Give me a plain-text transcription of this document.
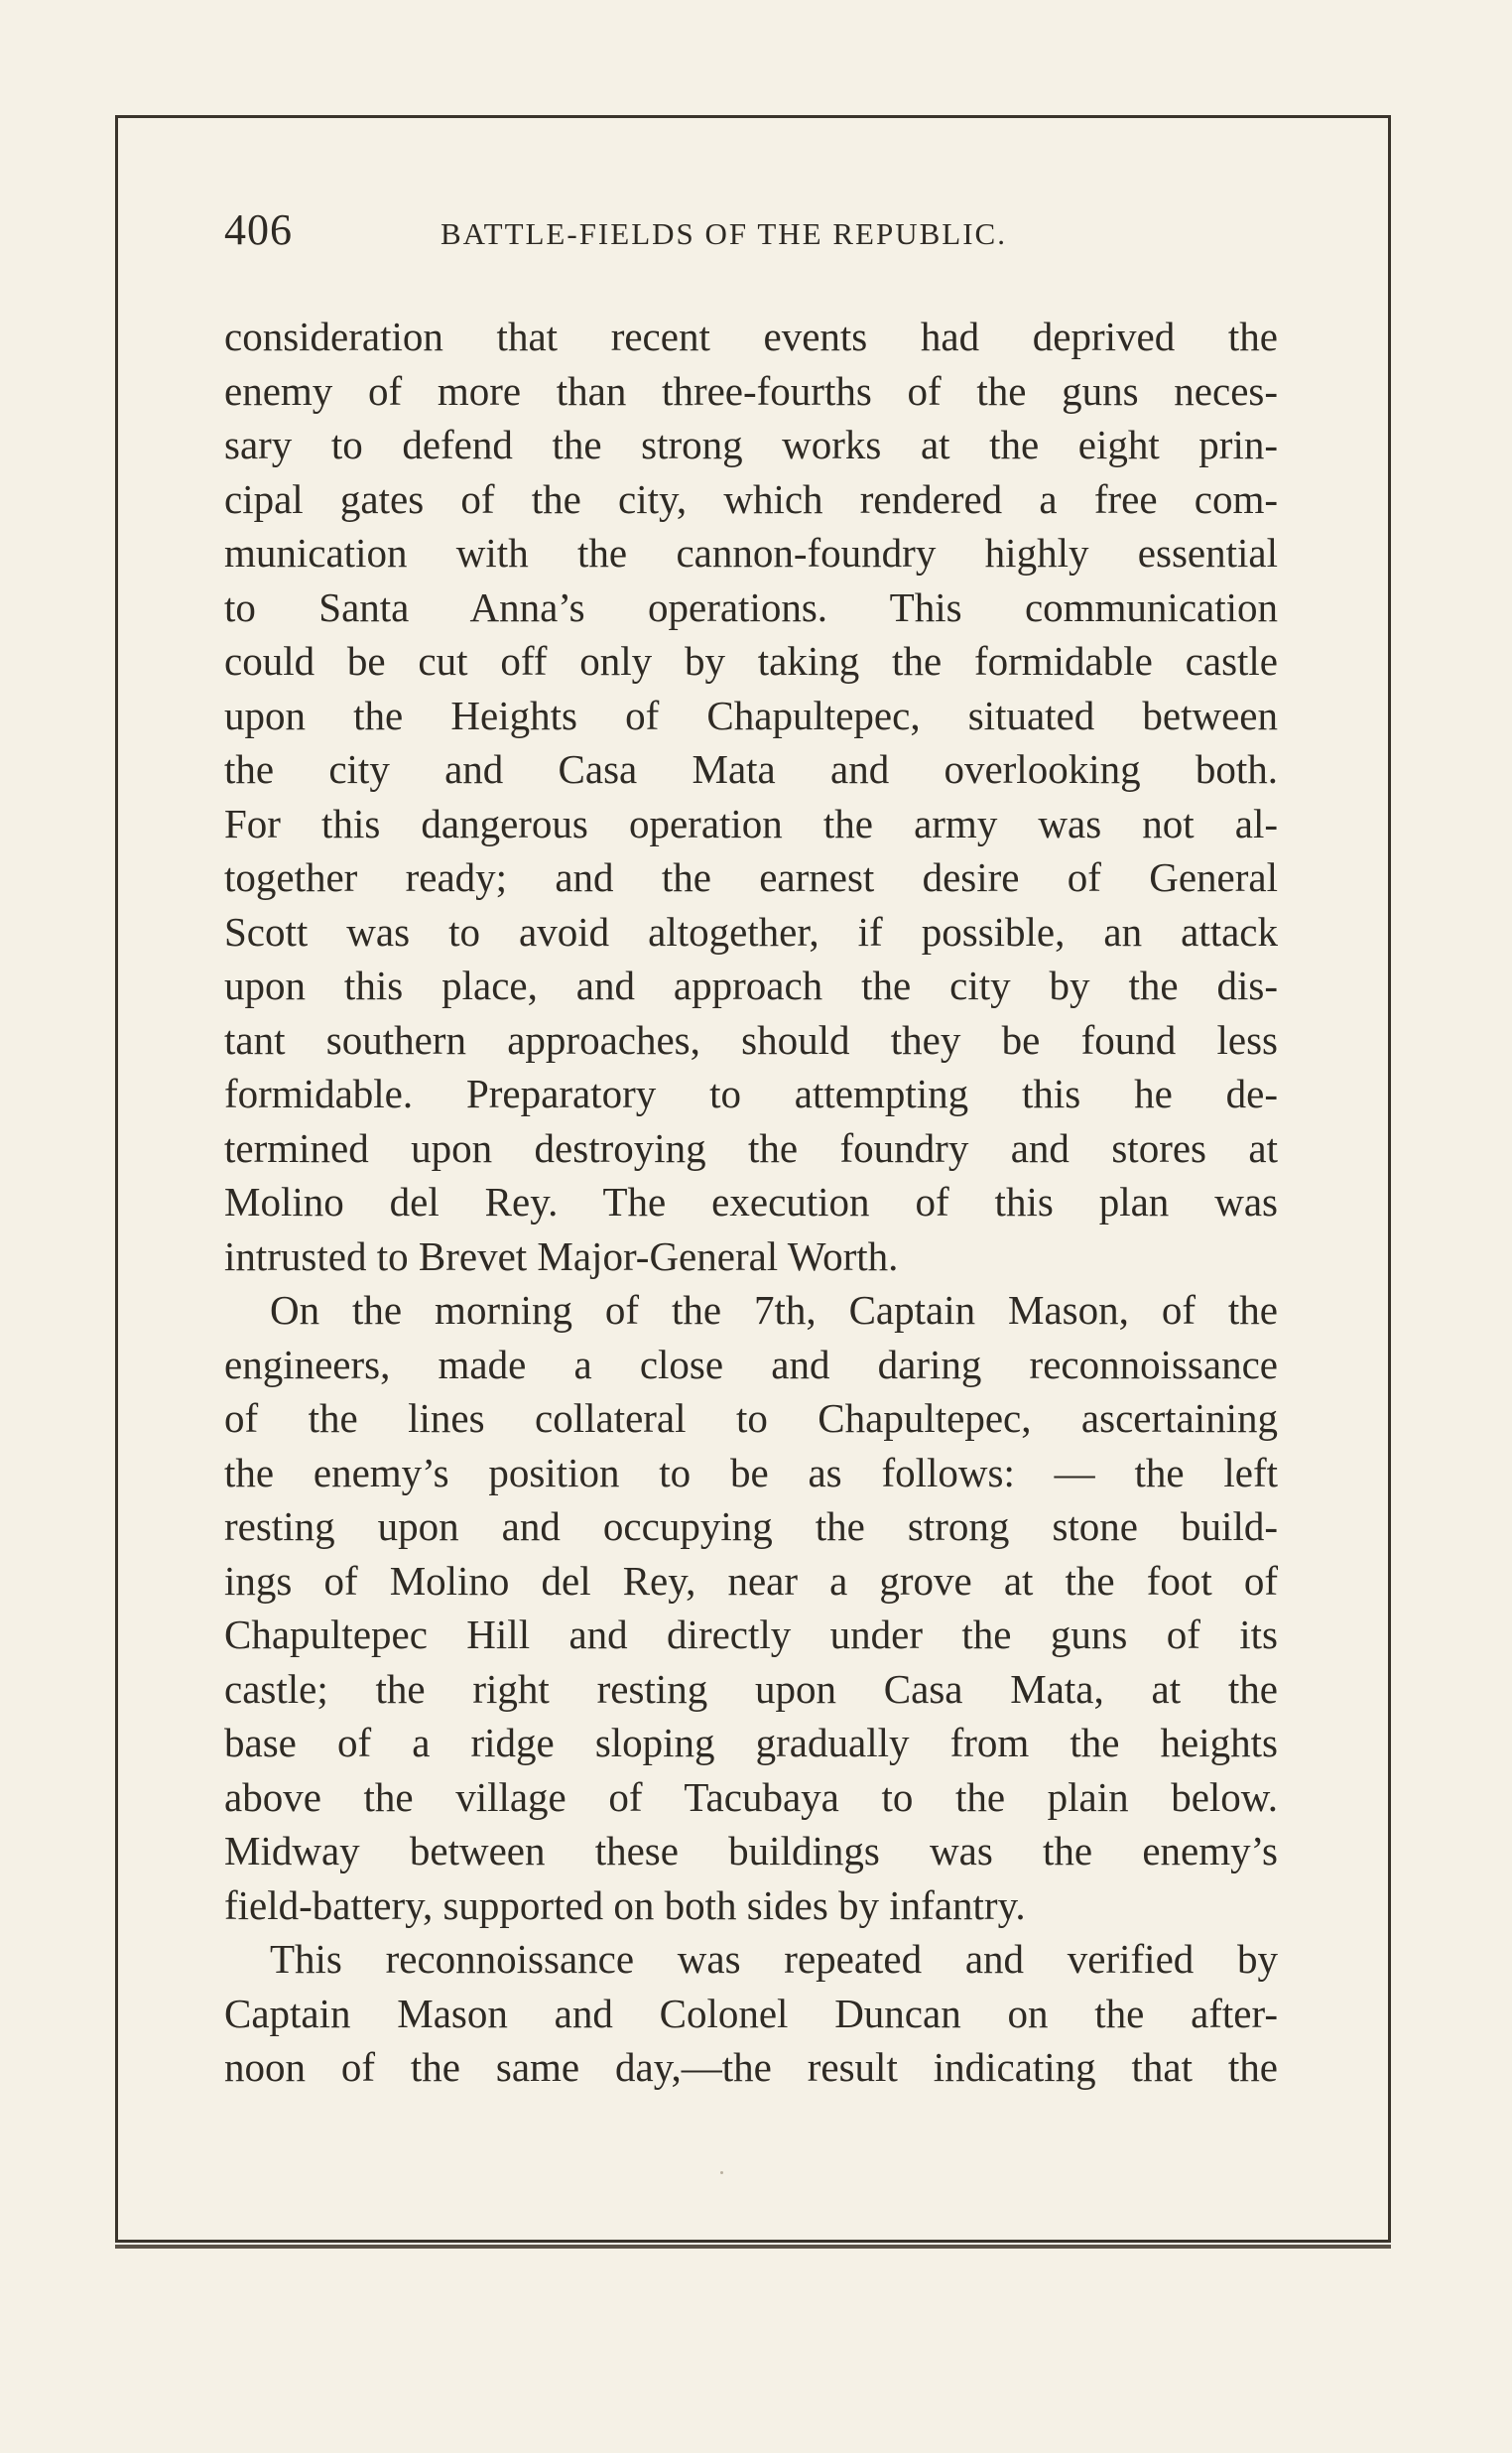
406	BATTLE-FIELDS OF THE REPUBLIC.
consideration that recent events had deprived the
enemy of more than three-fourths of the guns neces-
sary to defend the strong works at the eight prin-
cipal gates of the city, which rendered a free com-
munication with the cannon-foundry highly essential
to Santa Anna’s operations. This communication
could be cut off only by taking the formidable castle
upon the Heights of Chapultepec, situated between
the city and Casa Mata and overlooking both.
For this dangerous operation the army was not al-
together ready; and the earnest desire of General
Scott was to avoid altogether, if possible, an attack
upon this place, and approach the city by the dis-
tant southern approaches, should they be found less
formidable. Preparatory to attempting this he de-
termined upon destroying the foundry and stores at
Molino del Rey. The execution of this plan was
intrusted to Brevet Major-General Worth.
On the morning of the 7th, Captain Mason, of the
engineers, made a close and daring reconnoissance
of the lines collateral to Chapultepec, ascertaining
the enemy’s position to be as follows: — the left
resting upon and occupying the strong stone build-
ings of Molino del Rey, near a grove at the foot of
Chapultepec Hill and directly under the guns of its
castle; the right resting upon Casa Mata, at the
base of a ridge sloping gradually from the heights
above the village of Tacubaya to the plain below.
Midway between these buildings was the enemy’s
field-battery, supported on both sides by infantry.
This reconnoissance was repeated and verified by
Captain Mason and Colonel Duncan on the after-
noon of the same day,—the result indicating that the
